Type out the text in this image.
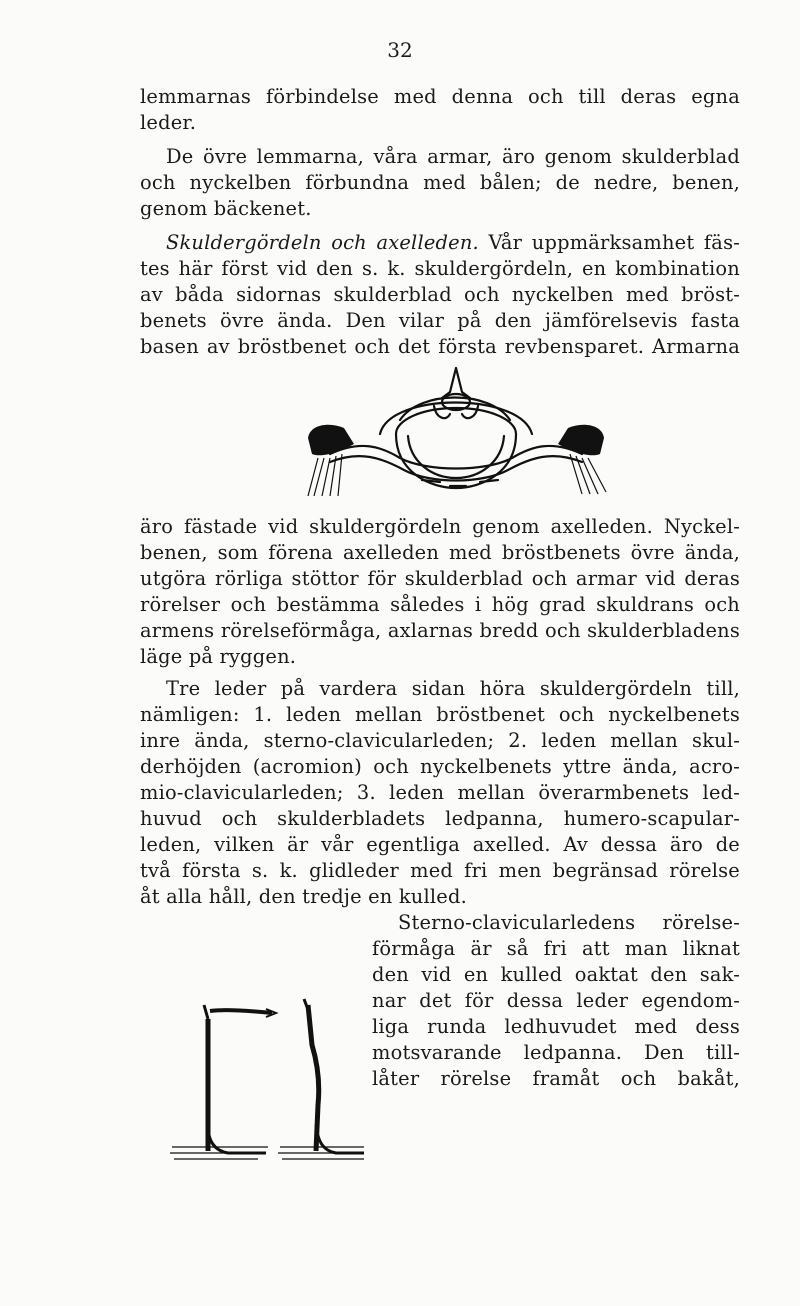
32
lemmarnas förbindelse med denna och till deras egna
leder.
De övre lemmarna, våra armar, äro genom skulderblad
och nyckelben förbundna med bålen; de nedre, benen,
genom bäckenet.
Skuldergördeln och axelleden. Vår uppmärksamhet fäs-
tes här först vid den s. k. skuldergördeln, en kombination
av båda sidornas skulderblad och nyckelben med bröst-
benets övre ända. Den vilar på den jämförelsevis fasta
basen av bröstbenet och det första revbensparet. Armarna
äro fästade vid skuldergördeln genom axelleden. Nyckel-
benen, som förena axelleden med bröstbenets övre ända,
utgöra rörliga stöttor för skulderblad och armar vid deras
rörelser och bestämma således i hög grad skuldrans och
armens rörelseförmåga, axlarnas bredd och skulderbladens
läge på ryggen.
Tre leder på vardera sidan höra skuldergördeln till,
nämligen: 1. leden mellan bröstbenet och nyckelbenets
inre ända, sterno-clavicularleden; 2. leden mellan skul-
derhöjden (acromion) och nyckelbenets yttre ända, acro-
mio-clavicularleden; 3. leden mellan överarmbenets led-
huvud och skulderbladets ledpanna, humero-scapular-
leden, vilken är vår egentliga axelled. Av dessa äro de
två första s. k. glidleder med fri men begränsad rörelse
åt alla håll, den tredje en kulled.
Sterno-clavicularledens rörelse-
förmåga är så fri att man liknat
den vid en kulled oaktat den sak-
nar det för dessa leder egendom-
liga runda ledhuvudet med dess
motsvarande ledpanna. Den till-
låter rörelse framåt och bakåt,
